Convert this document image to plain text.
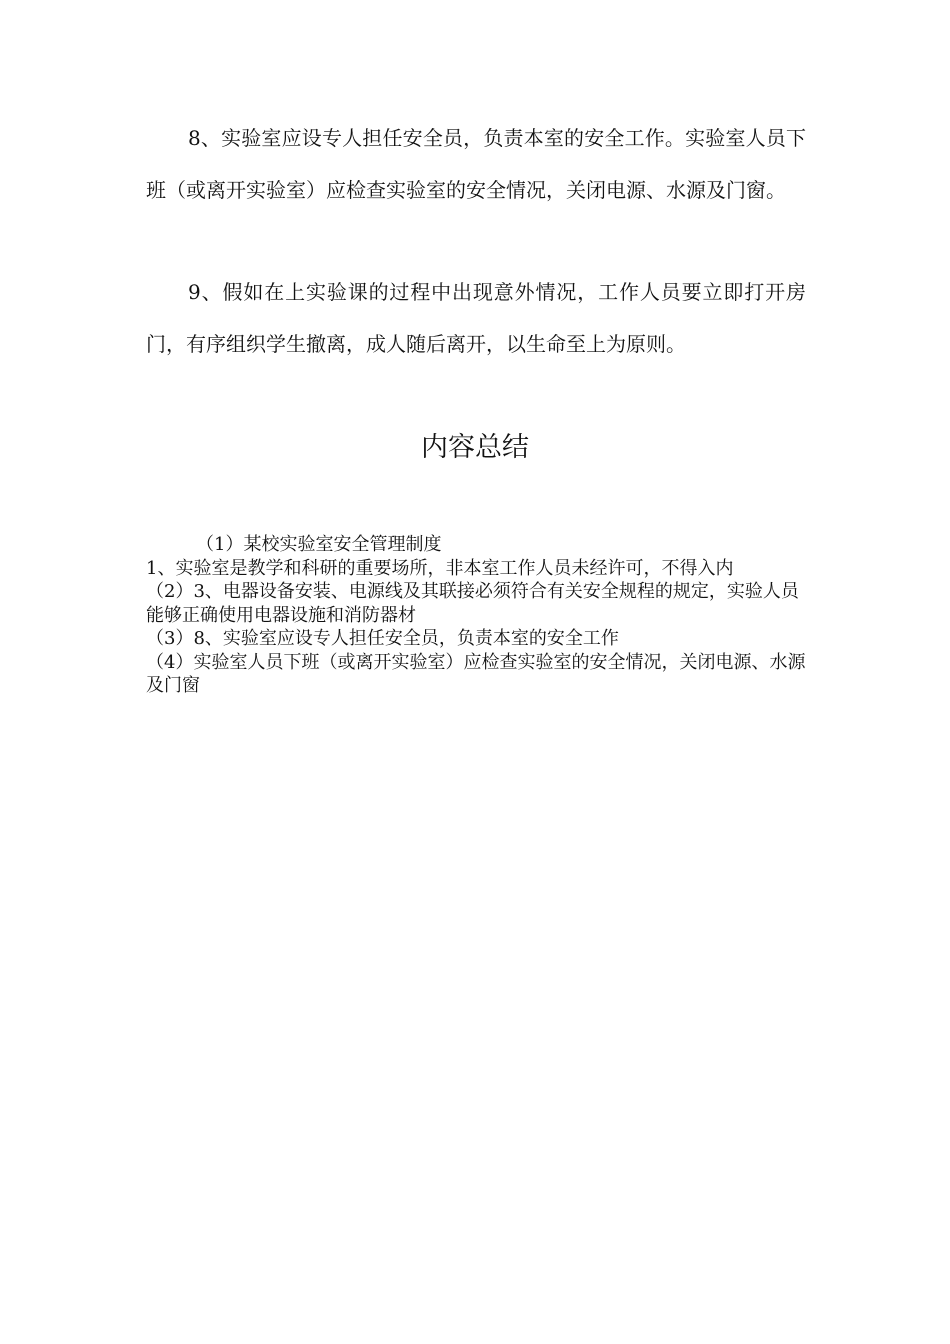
8、实验室应设专人担任安全员，负责本室的安全工作。实验室人员下班（或离开实验室）应检查实验室的安全情况，关闭电源、水源及门窗。

9、假如在上实验课的过程中出现意外情况，工作人员要立即打开房门，有序组织学生撤离，成人随后离开，以生命至上为原则。

内容总结

（1）某校实验室安全管理制度

1、实验室是教学和科研的重要场所，非本室工作人员未经许可，不得入内

（2）3、电器设备安装、电源线及其联接必须符合有关安全规程的规定，实验人员能够正确使用电器设施和消防器材

（3）8、实验室应设专人担任安全员，负责本室的安全工作

（4）实验室人员下班（或离开实验室）应检查实验室的安全情况，关闭电源、水源及门窗
